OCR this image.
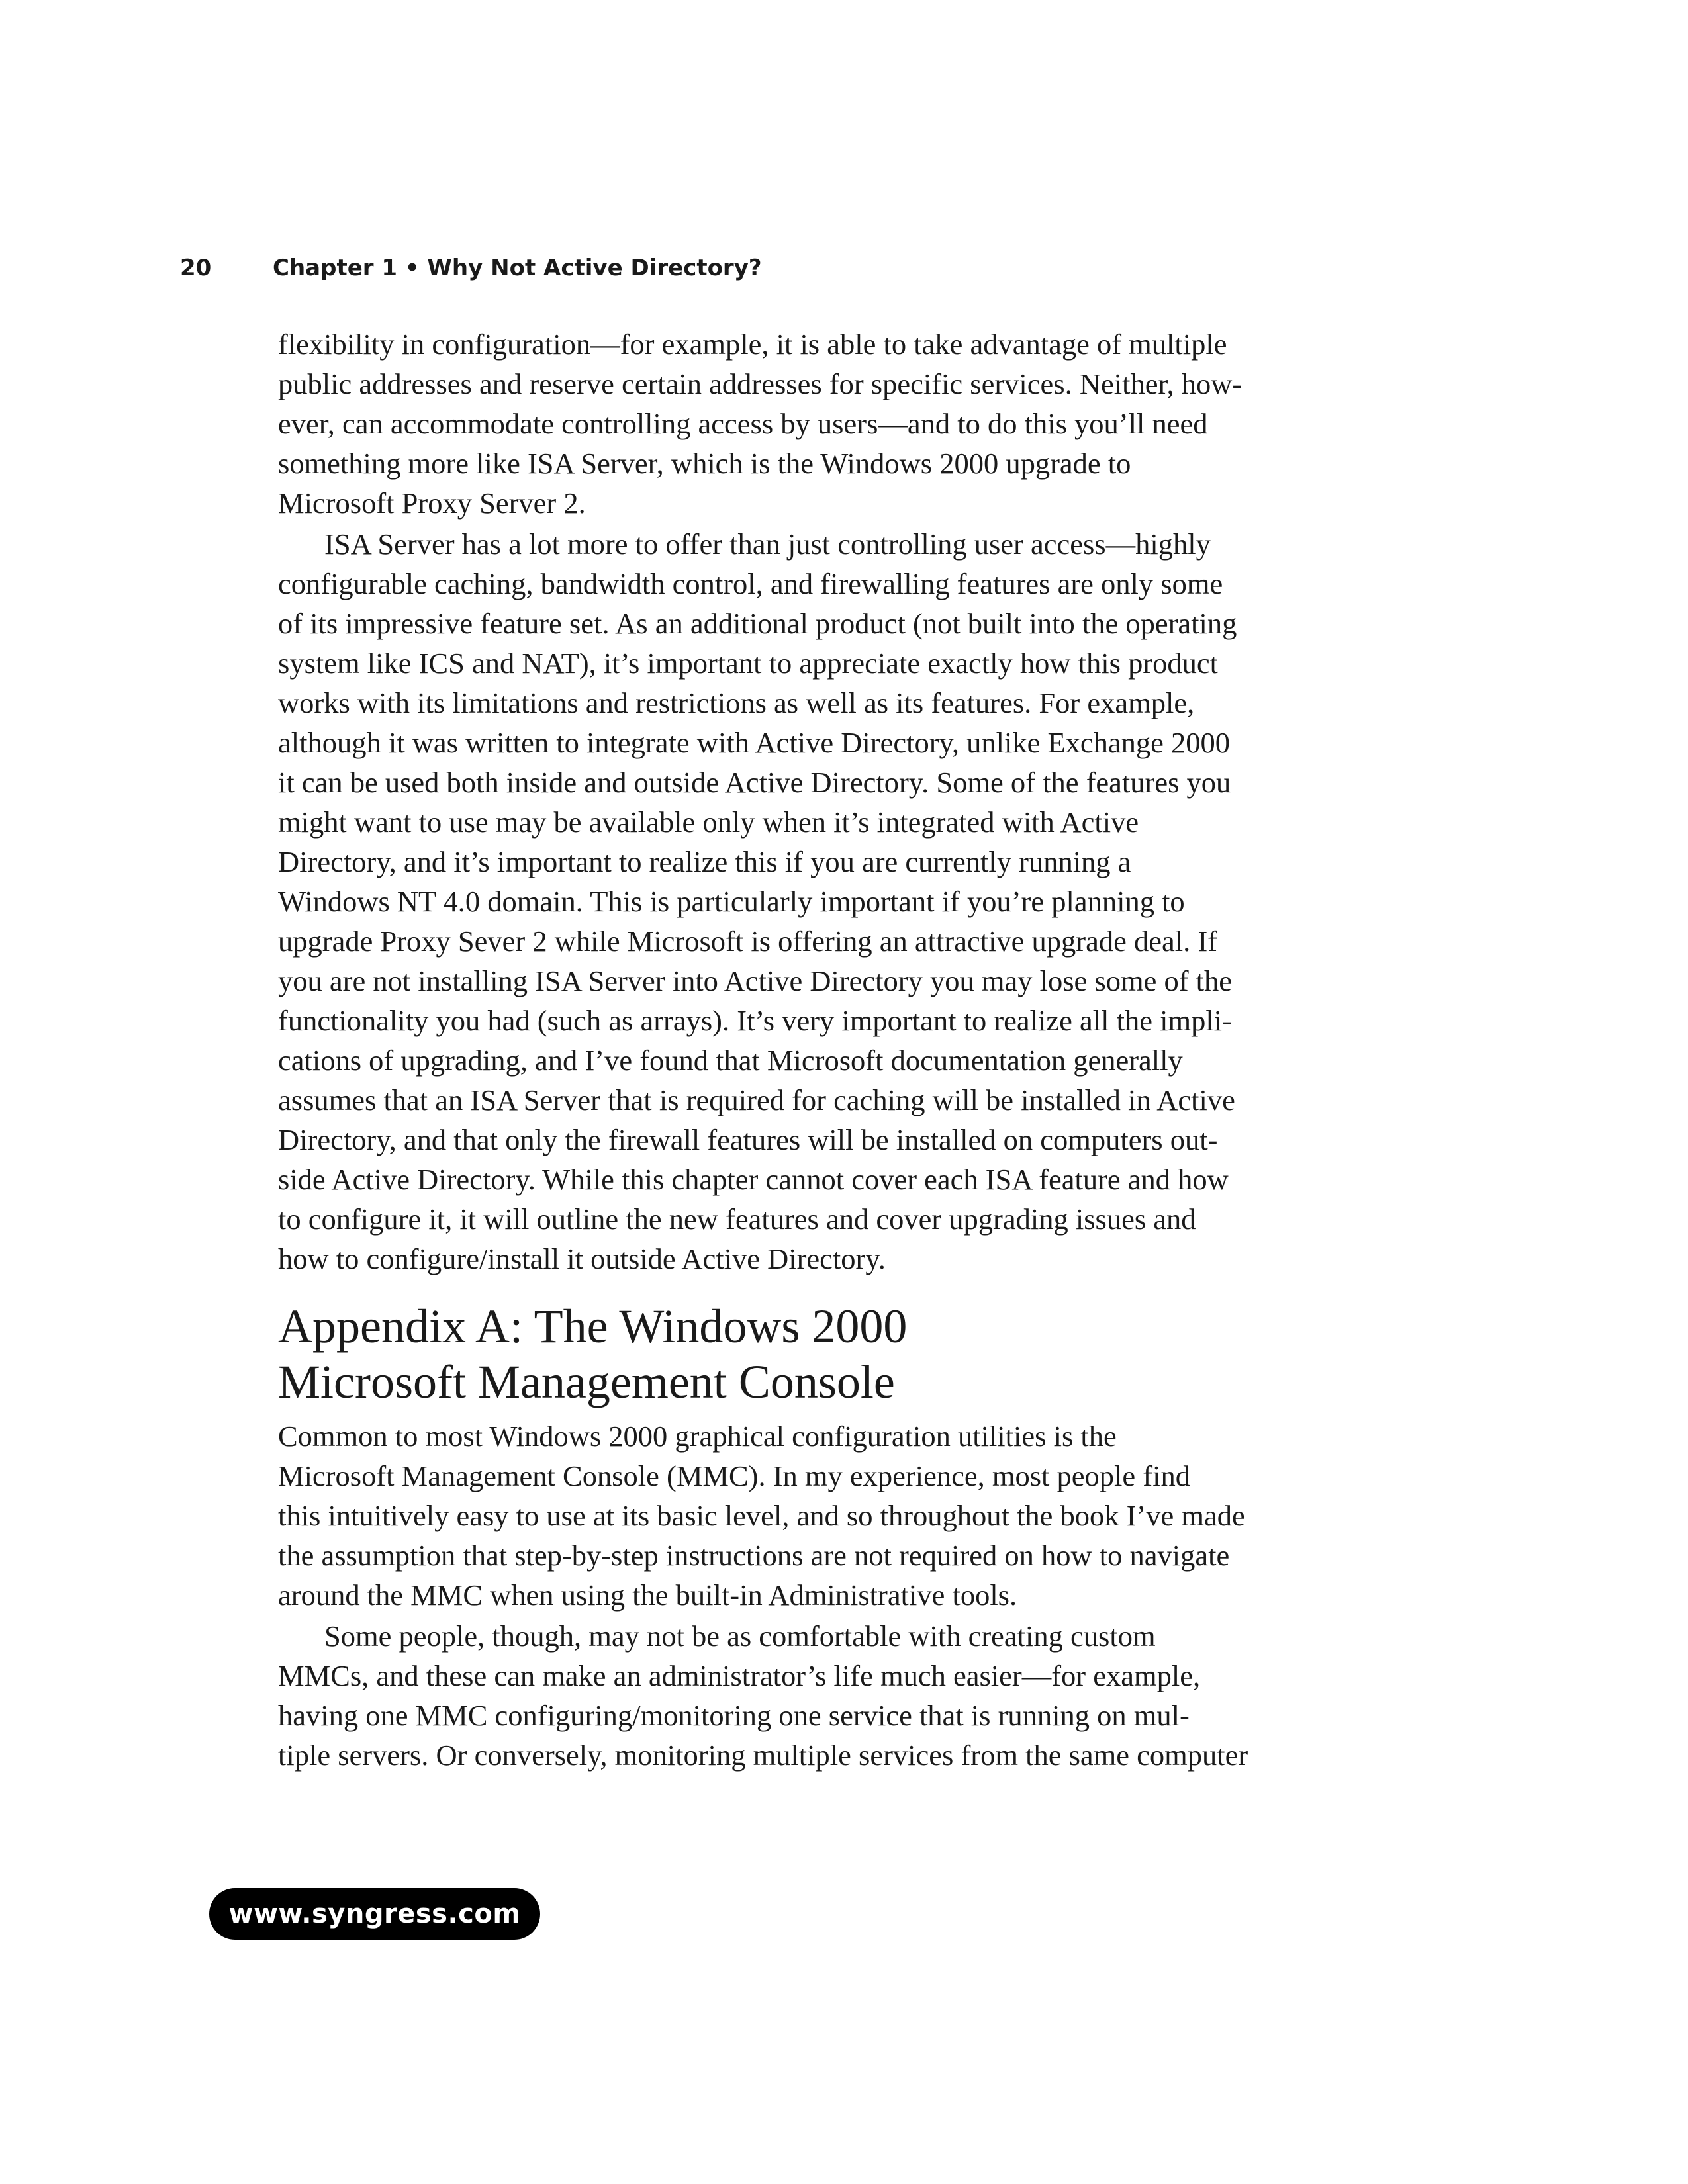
20	Chapter 1 • Why Not Active Directory?
flexibility in configuration—for example, it is able to take advantage of multiple
public addresses and reserve certain addresses for specific services. Neither, how-
ever, can accommodate controlling access by users—and to do this you’ll need
something more like ISA Server, which is the Windows 2000 upgrade to
Microsoft Proxy Server 2.
ISA Server has a lot more to offer than just controlling user access—highly
configurable caching, bandwidth control, and firewalling features are only some
of its impressive feature set. As an additional product (not built into the operating
system like ICS and NAT), it’s important to appreciate exactly how this product
works with its limitations and restrictions as well as its features. For example,
although it was written to integrate with Active Directory, unlike Exchange 2000
it can be used both inside and outside Active Directory. Some of the features you
might want to use may be available only when it’s integrated with Active
Directory, and it’s important to realize this if you are currently running a
Windows NT 4.0 domain. This is particularly important if you’re planning to
upgrade Proxy Sever 2 while Microsoft is offering an attractive upgrade deal. If
you are not installing ISA Server into Active Directory you may lose some of the
functionality you had (such as arrays). It’s very important to realize all the impli-
cations of upgrading, and I’ve found that Microsoft documentation generally
assumes that an ISA Server that is required for caching will be installed in Active
Directory, and that only the firewall features will be installed on computers out-
side Active Directory. While this chapter cannot cover each ISA feature and how
to configure it, it will outline the new features and cover upgrading issues and
how to configure/install it outside Active Directory.
Appendix A: The Windows 2000
Microsoft Management Console
Common to most Windows 2000 graphical configuration utilities is the
Microsoft Management Console (MMC). In my experience, most people find
this intuitively easy to use at its basic level, and so throughout the book I’ve made
the assumption that step-by-step instructions are not required on how to navigate
around the MMC when using the built-in Administrative tools.
Some people, though, may not be as comfortable with creating custom
MMCs, and these can make an administrator’s life much easier—for example,
having one MMC configuring/monitoring one service that is running on mul-
tiple servers. Or conversely, monitoring multiple services from the same computer
www.syngress.com
